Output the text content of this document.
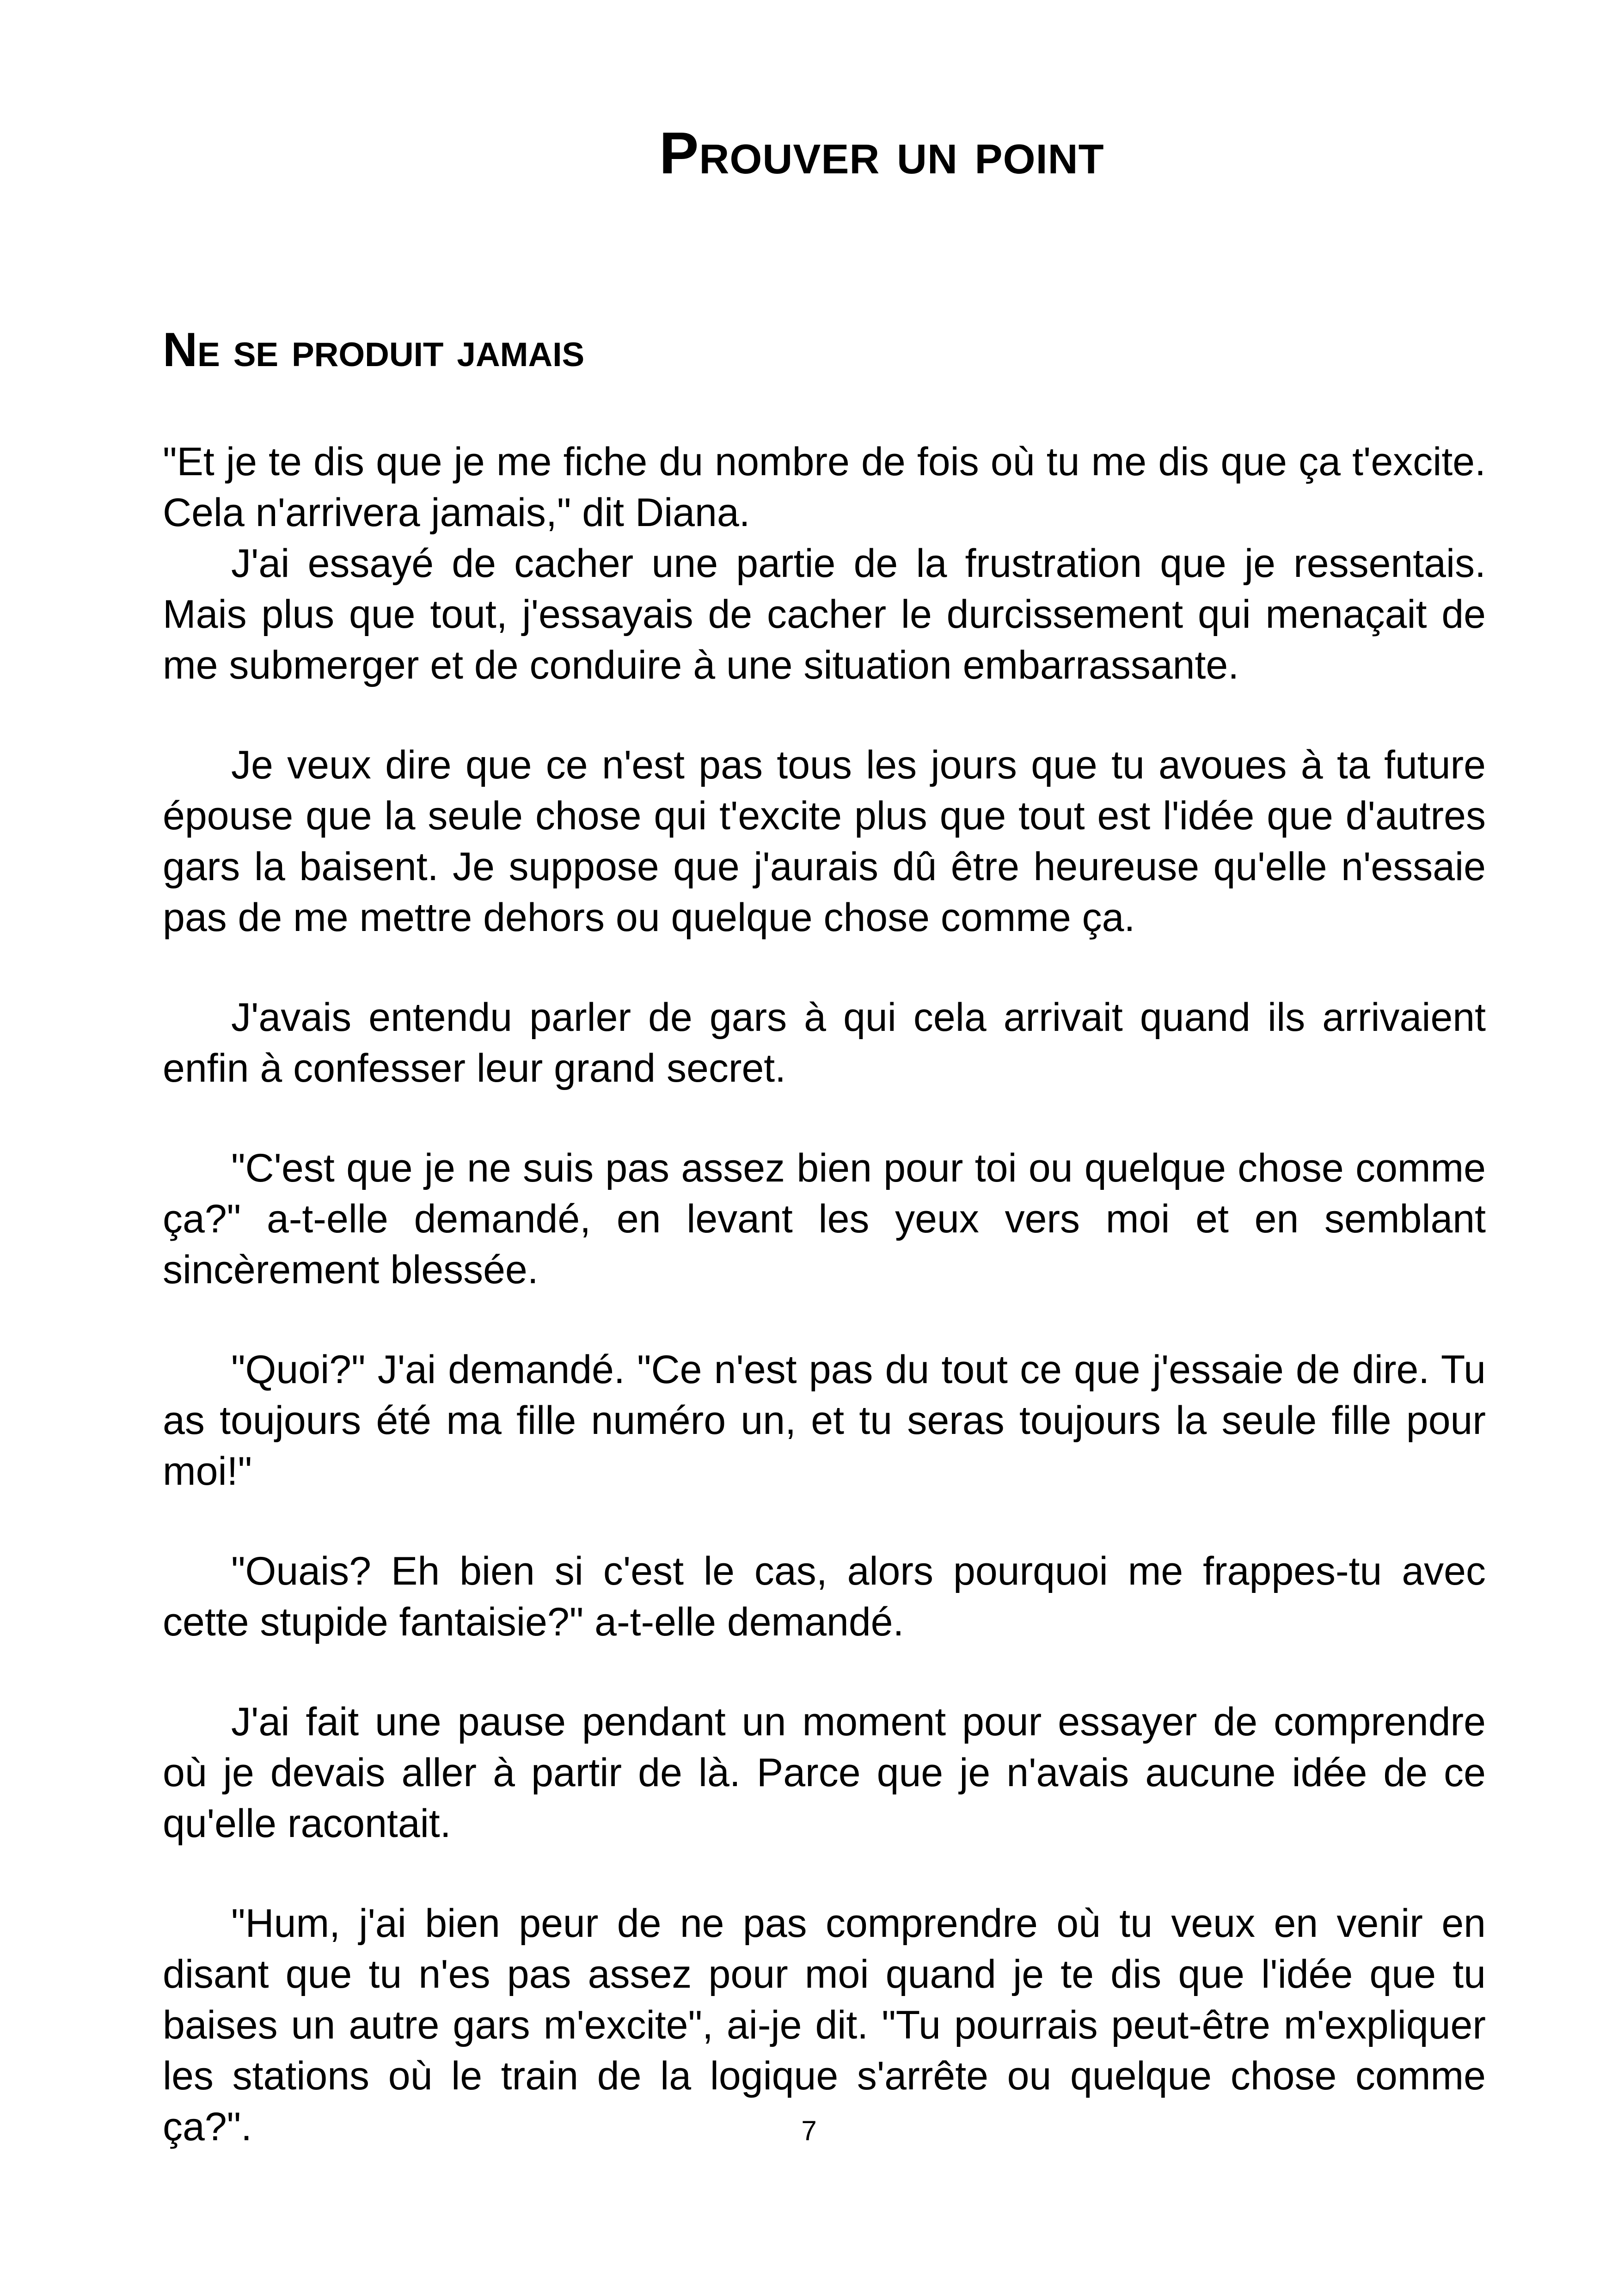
Prouver un point
Ne se produit jamais

"Et je te dis que je me fiche du nombre de fois où tu me dis que ça t'excite. Cela n'arrivera jamais," dit Diana.

J'ai essayé de cacher une partie de la frustration que je ressentais. Mais plus que tout, j'essayais de cacher le durcissement qui menaçait de me submerger et de conduire à une situation embarrassante.

Je veux dire que ce n'est pas tous les jours que tu avoues à ta future épouse que la seule chose qui t'excite plus que tout est l'idée que d'autres gars la baisent. Je suppose que j'aurais dû être heureuse qu'elle n'essaie pas de me mettre dehors ou quelque chose comme ça.

J'avais entendu parler de gars à qui cela arrivait quand ils arrivaient enfin à confesser leur grand secret.

"C'est que je ne suis pas assez bien pour toi ou quelque chose comme ça?" a-t-elle demandé, en levant les yeux vers moi et en semblant sincèrement blessée.

"Quoi?" J'ai demandé. "Ce n'est pas du tout ce que j'essaie de dire. Tu as toujours été ma fille numéro un, et tu seras toujours la seule fille pour moi!"

"Ouais? Eh bien si c'est le cas, alors pourquoi me frappes-tu avec cette stupide fantaisie?" a-t-elle demandé.

J'ai fait une pause pendant un moment pour essayer de comprendre où je devais aller à partir de là. Parce que je n'avais aucune idée de ce qu'elle racontait.

"Hum, j'ai bien peur de ne pas comprendre où tu veux en venir en disant que tu n'es pas assez pour moi quand je te dis que l'idée que tu baises un autre gars m'excite", ai-je dit. "Tu pourrais peut-être m'expliquer les stations où le train de la logique s'arrête ou quelque chose comme ça?".	7
